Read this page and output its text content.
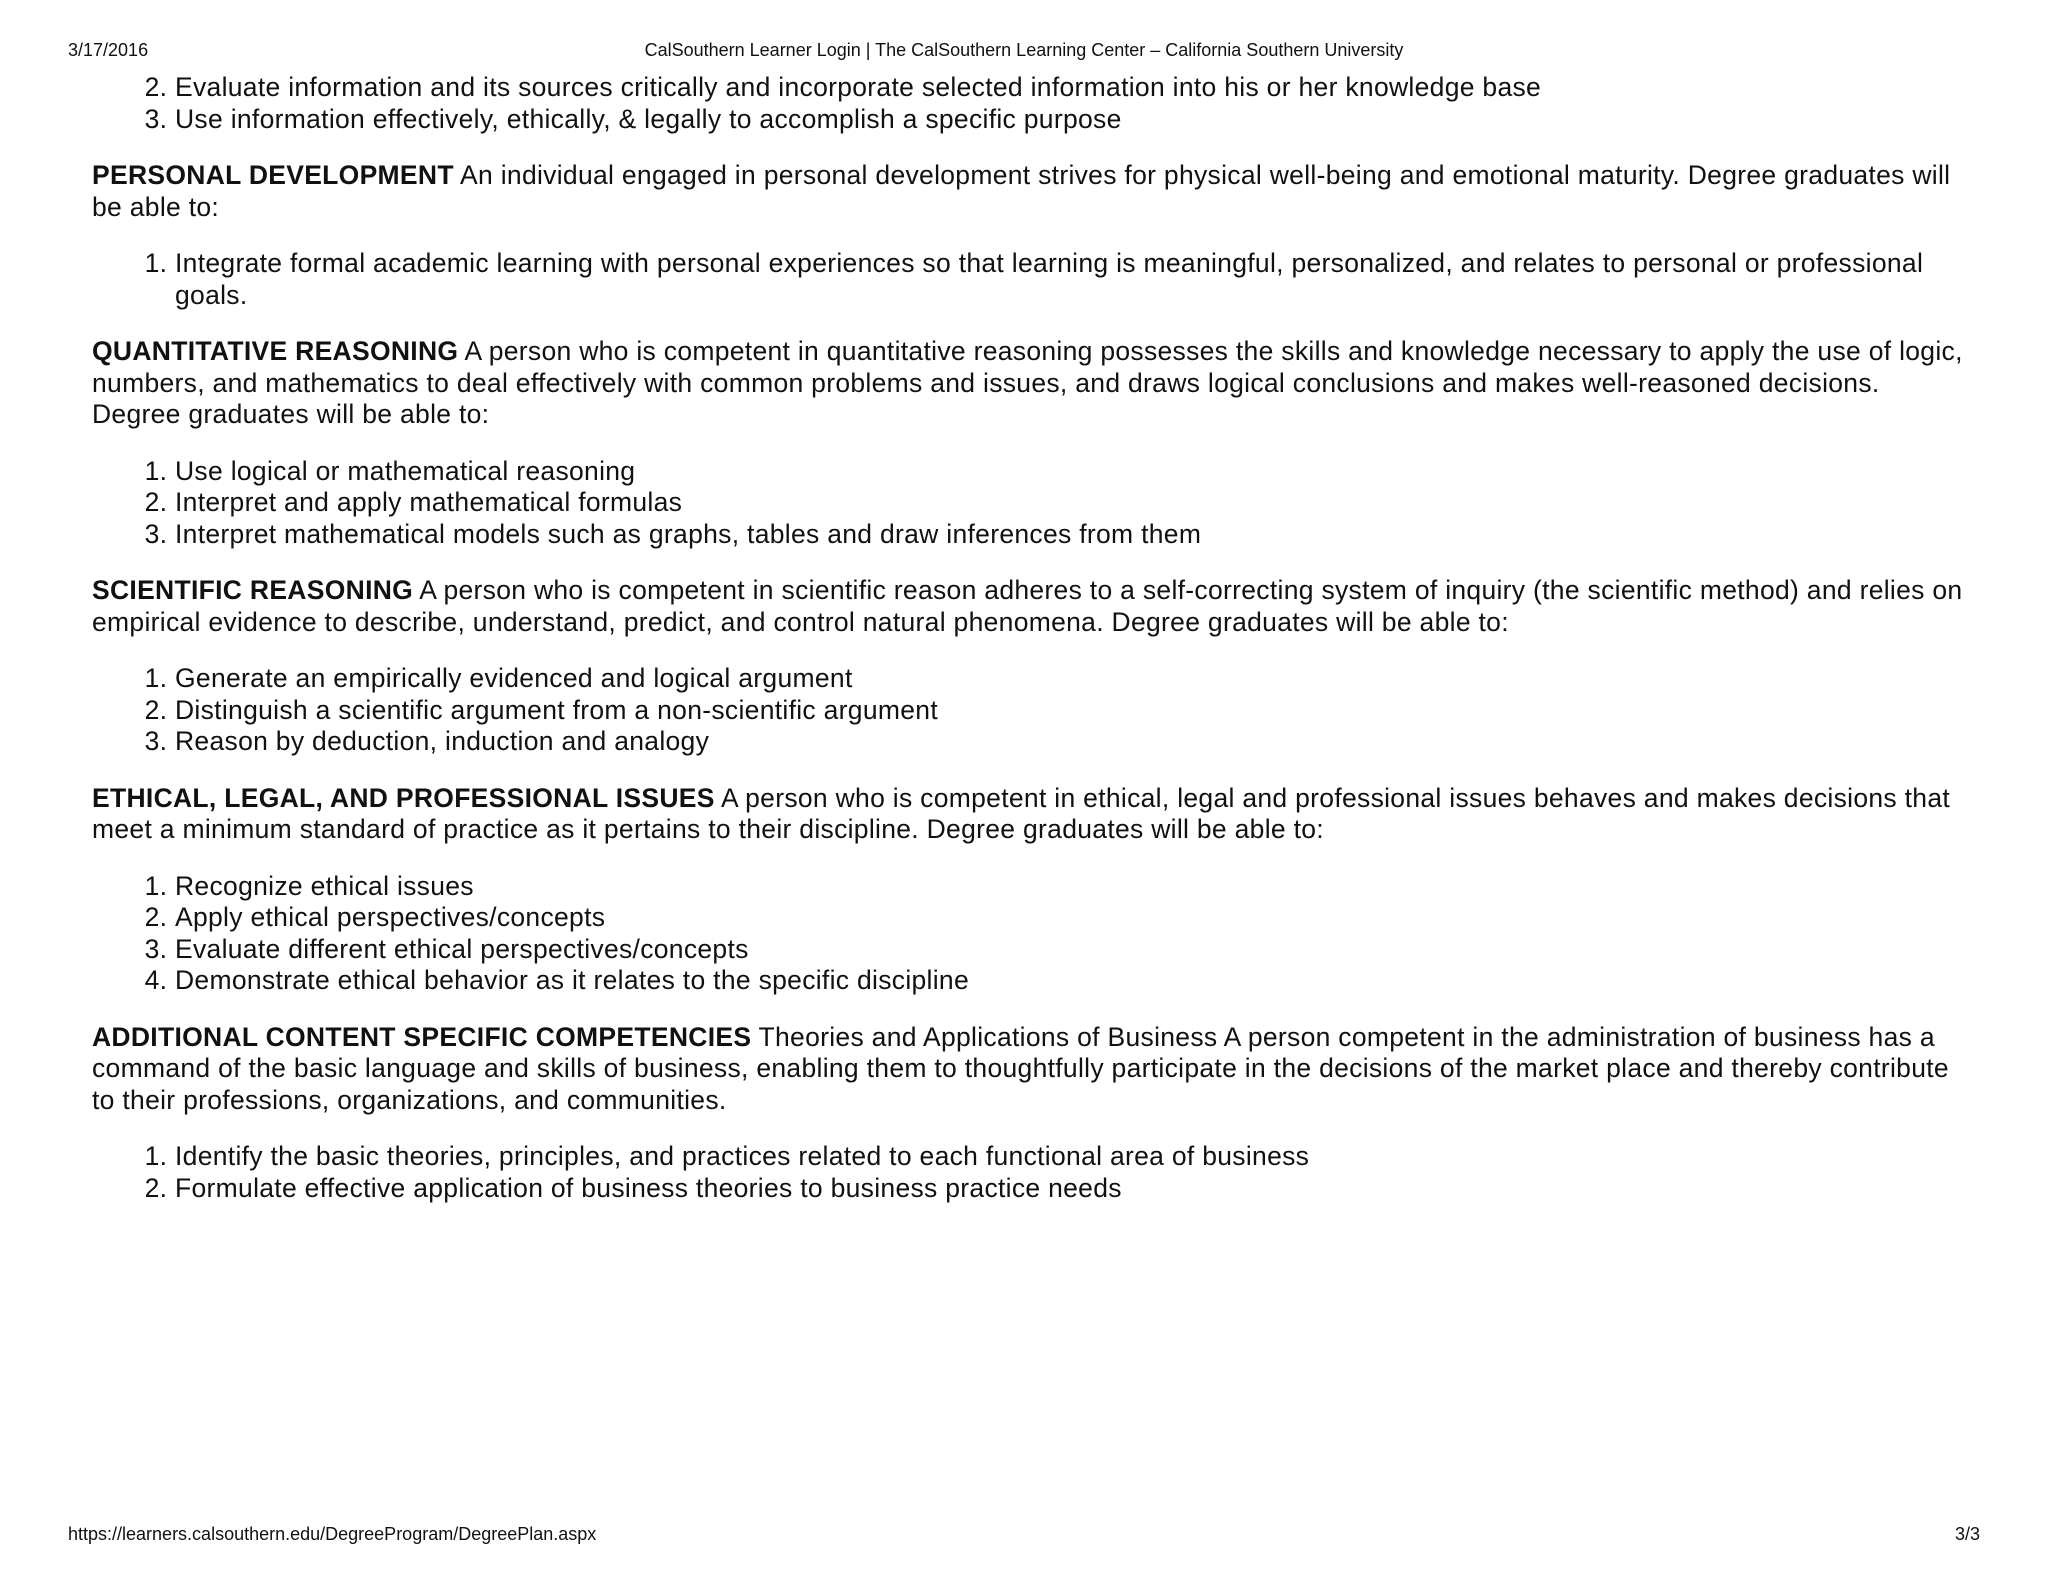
3/17/2016	CalSouthern Learner Login | The CalSouthern Learning Center – California Southern University
2. Evaluate information and its sources critically and incorporate selected information into his or her knowledge base
3. Use information effectively, ethically, & legally to accomplish a specific purpose
PERSONAL DEVELOPMENT An individual engaged in personal development strives for physical well-being and emotional maturity. Degree graduates will be able to:
1. Integrate formal academic learning with personal experiences so that learning is meaningful, personalized, and relates to personal or professional goals.
QUANTITATIVE REASONING A person who is competent in quantitative reasoning possesses the skills and knowledge necessary to apply the use of logic, numbers, and mathematics to deal effectively with common problems and issues, and draws logical conclusions and makes well-reasoned decisions. Degree graduates will be able to:
1. Use logical or mathematical reasoning
2. Interpret and apply mathematical formulas
3. Interpret mathematical models such as graphs, tables and draw inferences from them
SCIENTIFIC REASONING A person who is competent in scientific reason adheres to a self-correcting system of inquiry (the scientific method) and relies on empirical evidence to describe, understand, predict, and control natural phenomena. Degree graduates will be able to:
1. Generate an empirically evidenced and logical argument
2. Distinguish a scientific argument from a non-scientific argument
3. Reason by deduction, induction and analogy
ETHICAL, LEGAL, AND PROFESSIONAL ISSUES A person who is competent in ethical, legal and professional issues behaves and makes decisions that meet a minimum standard of practice as it pertains to their discipline. Degree graduates will be able to:
1. Recognize ethical issues
2. Apply ethical perspectives/concepts
3. Evaluate different ethical perspectives/concepts
4. Demonstrate ethical behavior as it relates to the specific discipline
ADDITIONAL CONTENT SPECIFIC COMPETENCIES Theories and Applications of Business A person competent in the administration of business has a command of the basic language and skills of business, enabling them to thoughtfully participate in the decisions of the market place and thereby contribute to their professions, organizations, and communities.
1. Identify the basic theories, principles, and practices related to each functional area of business
2. Formulate effective application of business theories to business practice needs
https://learners.calsouthern.edu/DegreeProgram/DegreePlan.aspx	3/3
